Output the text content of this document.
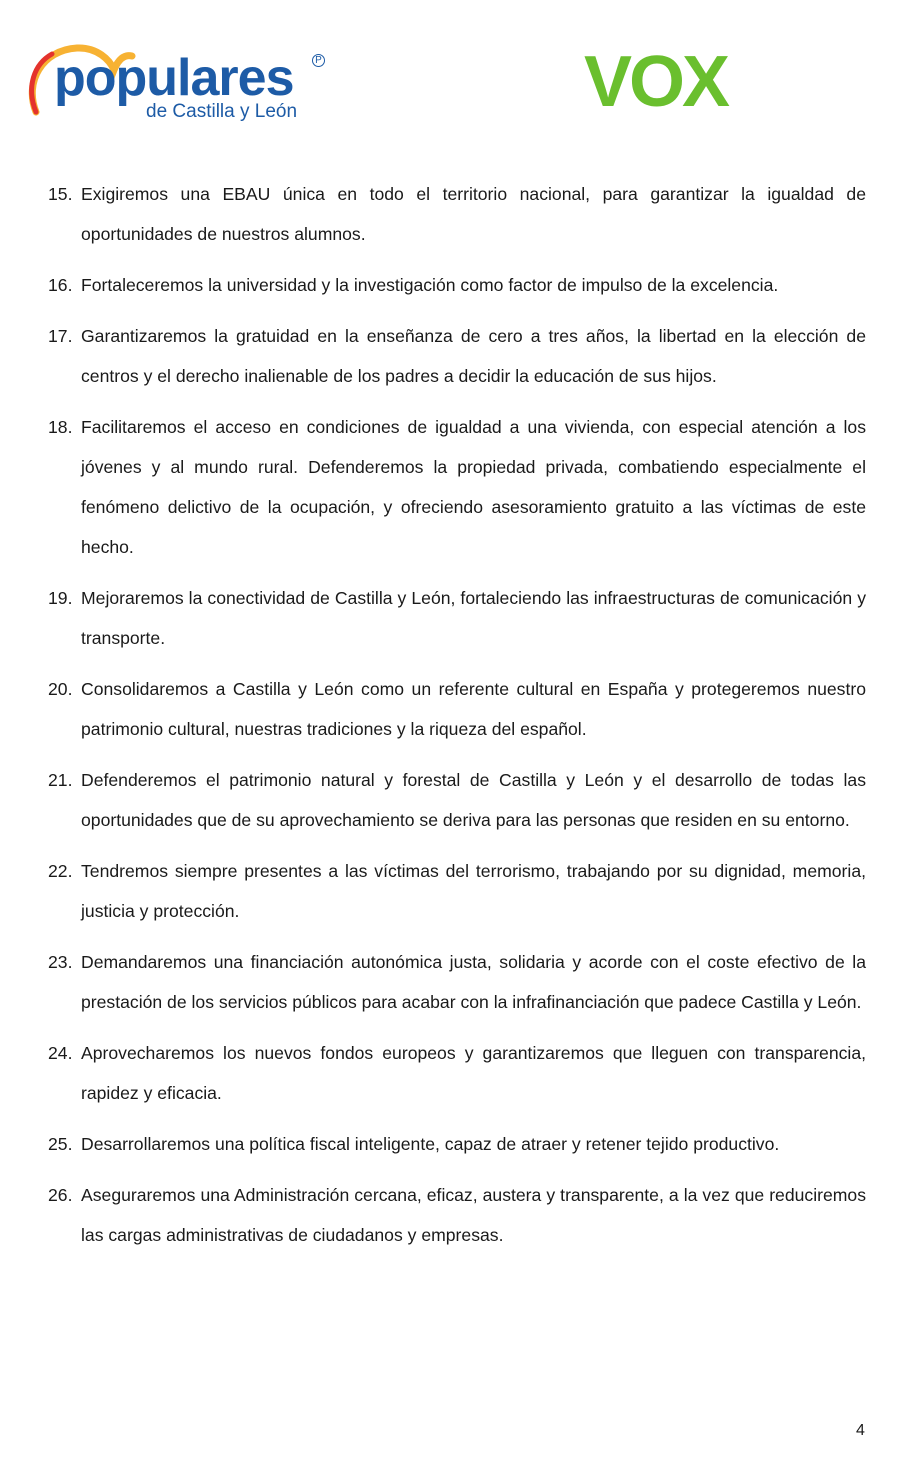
populares
de Castilla y León
P	VOX
15. Exigiremos una EBAU única en todo el territorio nacional, para garantizar la igualdad de oportunidades de nuestros alumnos.
16. Fortaleceremos la universidad y la investigación como factor de impulso de la excelencia.
17. Garantizaremos la gratuidad en la enseñanza de cero a tres años, la libertad en la elección de centros y el derecho inalienable de los padres a decidir la educación de sus hijos.
18. Facilitaremos el acceso en condiciones de igualdad a una vivienda, con especial atención a los jóvenes y al mundo rural. Defenderemos la propiedad privada, combatiendo especialmente el fenómeno delictivo de la ocupación, y ofreciendo asesoramiento gratuito a las víctimas de este hecho.
19. Mejoraremos la conectividad de Castilla y León, fortaleciendo las infraestructuras de comunicación y transporte.
20. Consolidaremos a Castilla y León como un referente cultural en España y protegeremos nuestro patrimonio cultural, nuestras tradiciones y la riqueza del español.
21. Defenderemos el patrimonio natural y forestal de Castilla y León y el desarrollo de todas las oportunidades que de su aprovechamiento se deriva para las personas que residen en su entorno.
22. Tendremos siempre presentes a las víctimas del terrorismo, trabajando por su dignidad, memoria, justicia y protección.
23. Demandaremos una financiación autonómica justa, solidaria y acorde con el coste efectivo de la prestación de los servicios públicos para acabar con la infrafinanciación que padece Castilla y León.
24. Aprovecharemos los nuevos fondos europeos y garantizaremos que lleguen con transparencia, rapidez y eficacia.
25. Desarrollaremos una política fiscal inteligente, capaz de atraer y retener tejido productivo.
26. Aseguraremos una Administración cercana, eficaz, austera y transparente, a la vez que reduciremos las cargas administrativas de ciudadanos y empresas.
4
